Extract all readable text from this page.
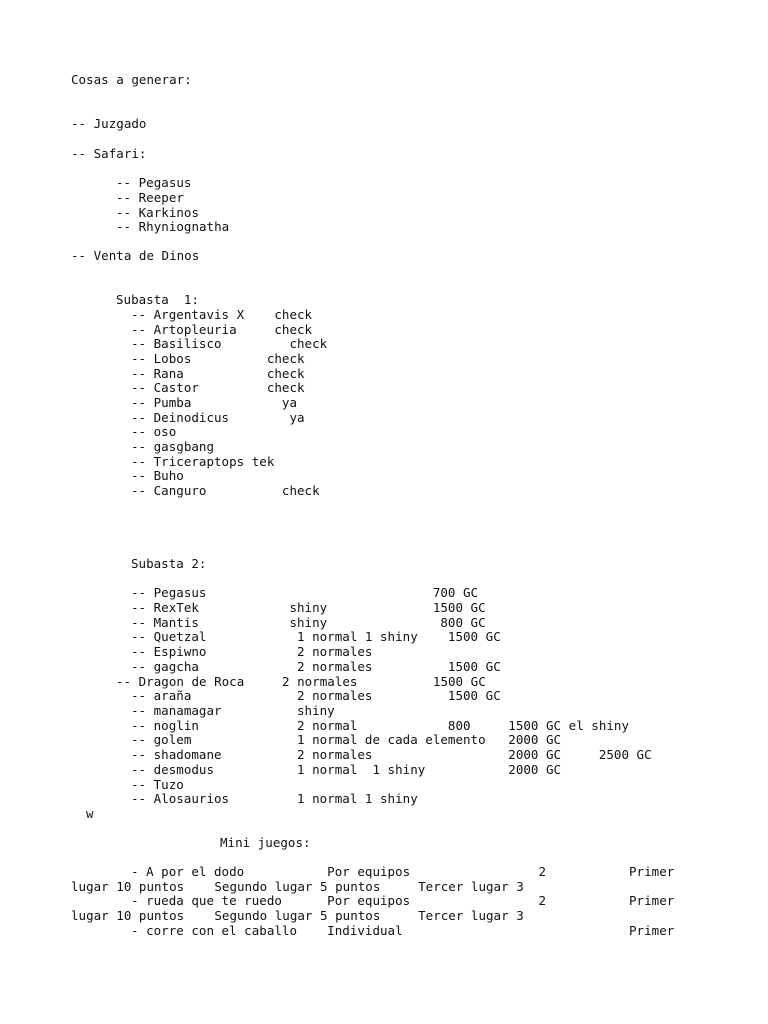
Cosas a generar:
-- Juzgado
-- Safari:
-- Pegasus
-- Reeper
-- Karkinos
-- Rhyniognatha
-- Venta de Dinos
Subasta  1:
-- Argentavis X    check
-- Artopleuria     check
-- Basilisco         check
-- Lobos          check
-- Rana           check
-- Castor         check
-- Pumba            ya
-- Deinodicus        ya
-- oso
-- gasgbang
-- Triceraptops tek
-- Buho
-- Canguro          check
Subasta 2:
-- Pegasus                              700 GC
-- RexTek            shiny              1500 GC
-- Mantis            shiny               800 GC
-- Quetzal            1 normal 1 shiny    1500 GC
-- Espiwno            2 normales
-- gagcha             2 normales          1500 GC
-- Dragon de Roca     2 normales          1500 GC
-- araña              2 normales          1500 GC
-- manamagar          shiny
-- noglin             2 normal            800     1500 GC el shiny
-- golem              1 normal de cada elemento   2000 GC
-- shadomane          2 normales                  2000 GC     2500 GC
-- desmodus           1 normal  1 shiny           2000 GC
-- Tuzo
-- Alosaurios         1 normal 1 shiny
w
Mini juegos:
- A por el dodo           Por equipos                 2           Primer
lugar 10 puntos    Segundo lugar 5 puntos     Tercer lugar 3
- rueda que te ruedo      Por equipos                 2           Primer
lugar 10 puntos    Segundo lugar 5 puntos     Tercer lugar 3
- corre con el caballo    Individual                              Primer
